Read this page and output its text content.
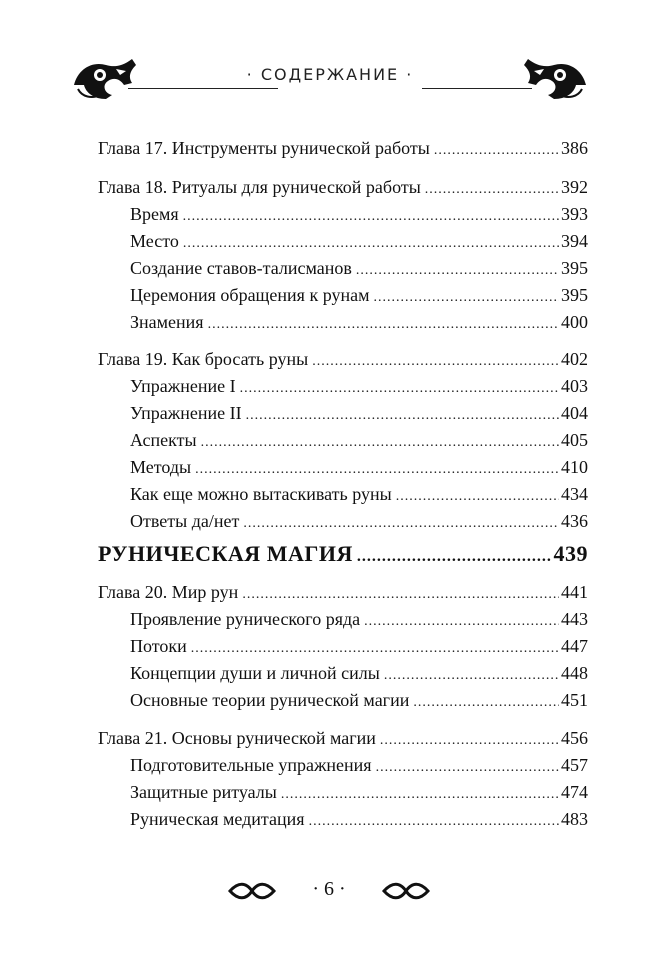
· СОДЕРЖАНИЕ ·
Глава 17. Инструменты рунической работы .....	386
Глава 18. Ритуалы для рунической работы .....	392
Время .....	393
Место .....	394
Создание ставов-талисманов .....	395
Церемония обращения к рунам .....	395
Знамения .....	400
Глава 19. Как бросать руны .....	402
Упражнение I .....	403
Упражнение II .....	404
Аспекты .....	405
Методы .....	410
Как еще можно вытаскивать руны .....	434
Ответы да/нет .....	436
РУНИЧЕСКАЯ МАГИЯ .....	439
Глава 20. Мир рун .....	441
Проявление рунического ряда .....	443
Потоки .....	447
Концепции души и личной силы .....	448
Основные теории рунической магии .....	451
Глава 21. Основы рунической магии .....	456
Подготовительные упражнения .....	457
Защитные ритуалы .....	474
Руническая медитация .....	483
· 6 ·
